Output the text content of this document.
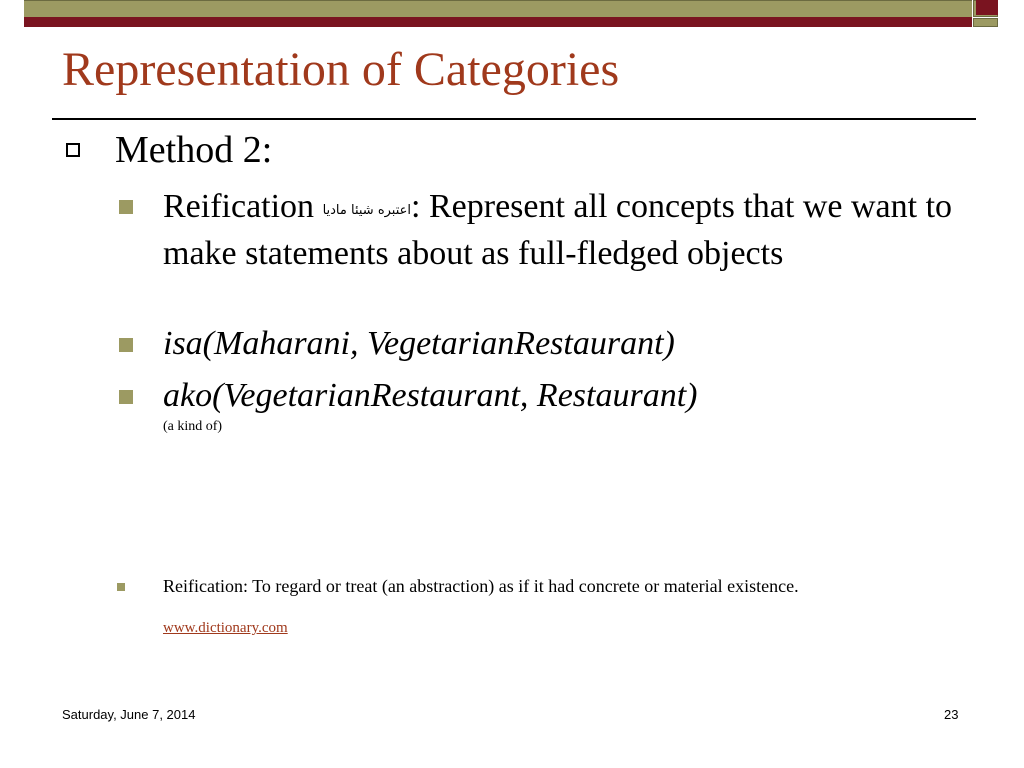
Representation of Categories
Method 2:
Reification اعتبره شيئا ماديا: Represent all concepts that we want to make statements about as full-fledged objects
isa(Maharani, VegetarianRestaurant)
ako(VegetarianRestaurant, Restaurant)
(a kind of)
Reification: To regard or treat (an abstraction) as if it had concrete or material existence.
www.dictionary.com
Saturday, June 7, 2014	23
